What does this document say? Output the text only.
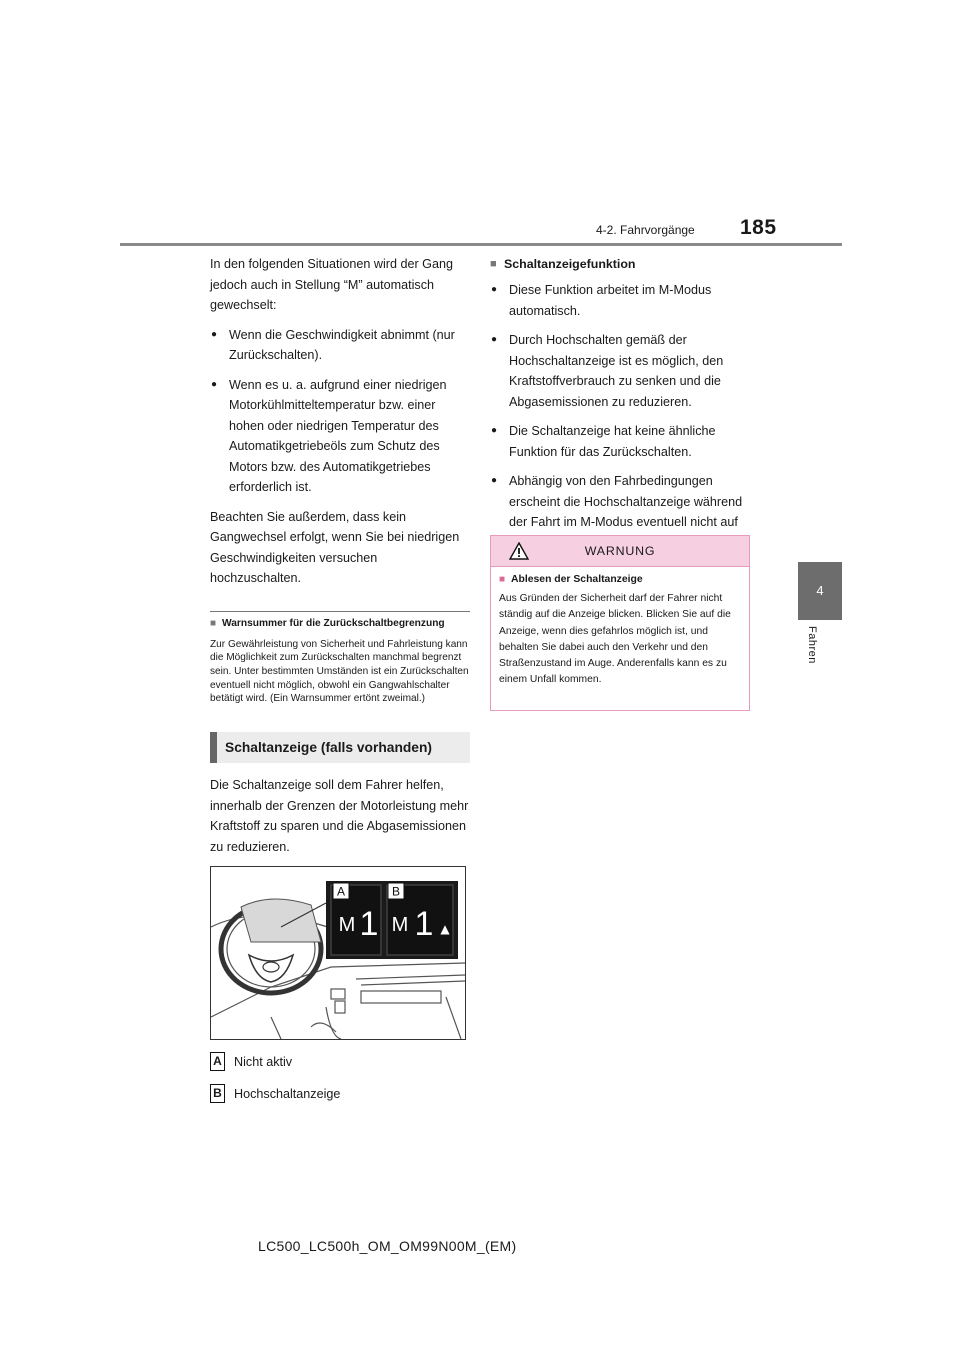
4-2. Fahrvorgänge 185
4
Fahren

In den folgenden Situationen wird der Gang jedoch auch in Stellung “M” automatisch gewechselt:

● Wenn die Geschwindigkeit abnimmt (nur Zurückschalten).
● Wenn es u. a. aufgrund einer niedrigen Motorkühlmitteltemperatur bzw. einer hohen oder niedrigen Temperatur des Automatikgetriebeöls zum Schutz des Motors bzw. des Automatikgetriebes erforderlich ist.

Beachten Sie außerdem, dass kein Gangwechsel erfolgt, wenn Sie bei niedrigen Geschwindigkeiten versuchen hochzuschalten.

■ Warnsummer für die Zurückschaltbegrenzung

Zur Gewährleistung von Sicherheit und Fahrleistung kann die Möglichkeit zum Zurückschalten manchmal begrenzt sein. Unter bestimmten Umständen ist ein Zurückschalten eventuell nicht möglich, obwohl ein Gangwahlschalter betätigt wird. (Ein Warnsummer ertönt zweimal.)

Schaltanzeige (falls vorhanden)

Die Schaltanzeige soll dem Fahrer helfen, innerhalb der Grenzen der Motorleistung mehr Kraftstoff zu sparen und die Abgasemissionen zu reduzieren.

A	B
M 1 M 1 ▲
A Nicht aktiv
B Hochschaltanzeige
■ Schaltanzeigefunktion
● Diese Funktion arbeitet im M-Modus automatisch.
● Durch Hochschalten gemäß der Hochschaltanzeige ist es möglich, den Kraftstoffverbrauch zu senken und die Abgasemissionen zu reduzieren.
● Die Schaltanzeige hat keine ähnliche Funktion für das Zurückschalten.
● Abhängig von den Fahrbedingungen erscheint die Hochschaltanzeige während der Fahrt im M-Modus eventuell nicht auf
WARNUNG
■ Ablesen der Schaltanzeige
Aus Gründen der Sicherheit darf der Fahrer nicht ständig auf die Anzeige blicken. Blicken Sie auf die Anzeige, wenn dies gefahrlos möglich ist, und behalten Sie dabei auch den Verkehr und den Straßenzustand im Auge. Anderenfalls kann es zu einem Unfall kommen.
LC500_LC500h_OM_OM99N00M_(EM)
